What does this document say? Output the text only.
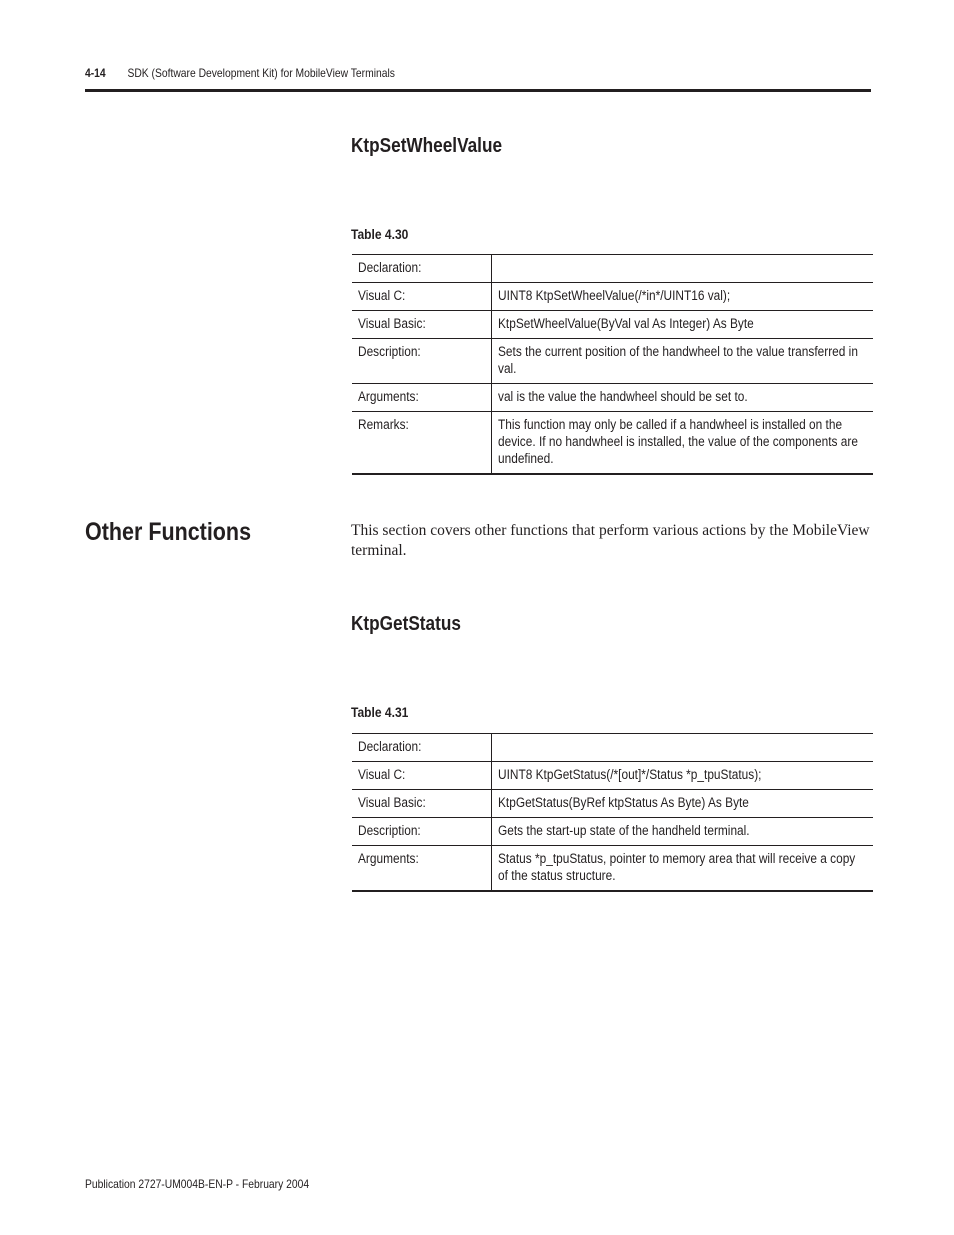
4-14 SDK (Software Development Kit) for MobileView Terminals
KtpSetWheelValue
Table 4.30
Declaration:	
Visual C:	UINT8 KtpSetWheelValue(/*in*/UINT16 val);
Visual Basic:	KtpSetWheelValue(ByVal val As Integer) As Byte
Description:	Sets the current position of the handwheel to the value transferred in val.
Arguments:	val is the value the handwheel should be set to.
Remarks:	This function may only be called if a handwheel is installed on the device. If no handwheel is installed, the value of the components are undefined.
Other Functions	This section covers other functions that perform various actions by the MobileView terminal.
KtpGetStatus
Table 4.31
Declaration:	
Visual C:	UINT8 KtpGetStatus(/*[out]*/Status *p_tpuStatus);
Visual Basic:	KtpGetStatus(ByRef ktpStatus As Byte) As Byte
Description:	Gets the start-up state of the handheld terminal.
Arguments:	Status *p_tpuStatus, pointer to memory area that will receive a copy of the status structure.
Publication 2727-UM004B-EN-P - February 2004
